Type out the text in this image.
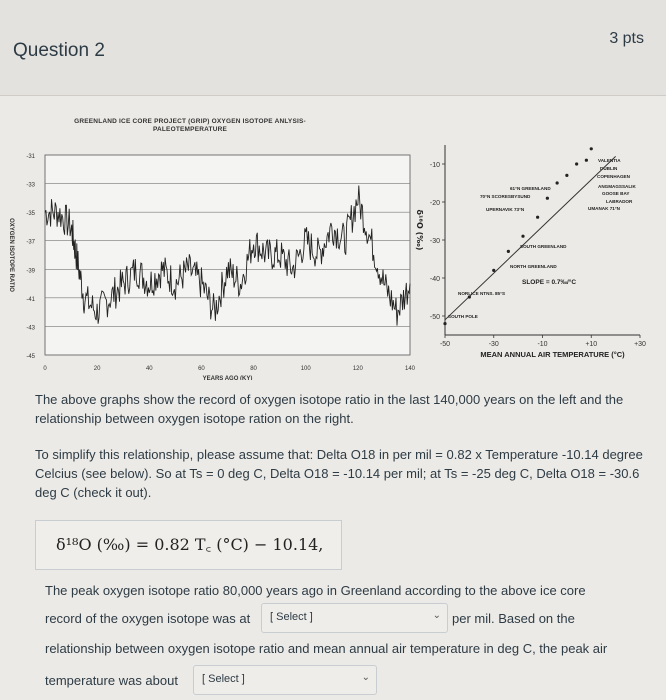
Question 2
3 pts
GREENLAND ICE CORE PROJECT (GRIP) OXYGEN ISOTOPE ANLYSIS-
PALEOTEMPERATURE
-31
-33
-35
-37
-39
-41
-43
-45
0	20	40	60	80	100	120	140
YEARS AGO (KY)
OXYGEN ISOTOPE RATIO
-10
-20
-30
-40
-50
-50	-30	-10	+10	+30
MEAN ANNUAL AIR TEMPERATURE (°C)
δ¹⁸O (‰)
VALENTIA
DUBLIN
COPENHAGEN
ANGMAGSSALIK
GOOSE BAY
LABRADOR
UMANAK 71°N
61°N GREENLAND
70°N SCORESBYSUND
UPERNAVIK 73°N
SOUTH GREENLAND
NORTH GREENLAND
NORLICE NTNS. 85°S
SOUTH POLE
SLOPE = 0.7‰/°C
The above graphs show the record of oxygen isotope ratio in the last 140,000 years on the left and the relationship between oxygen isotope ration on the right.
To simplify this relationship, please assume that: Delta O18 in per mil = 0.82 x Temperature -10.14 degree Celcius (see below). So at Ts = 0 deg C, Delta O18 = -10.14 per mil; at Ts = -25 deg C, Delta O18 = -30.6 deg C (check it out).
δ¹⁸O (‰) = 0.82 T꜀ (°C) − 10.14,
The peak oxygen isotope ratio 80,000 years ago in Greenland according to the above ice core
record of the oxygen isotope was at [ Select ]	⌄ per mil. Based on the
relationship between oxygen isotope ratio and mean annual air temperature in deg C, the peak air
temperature was about [ Select ]	⌄
